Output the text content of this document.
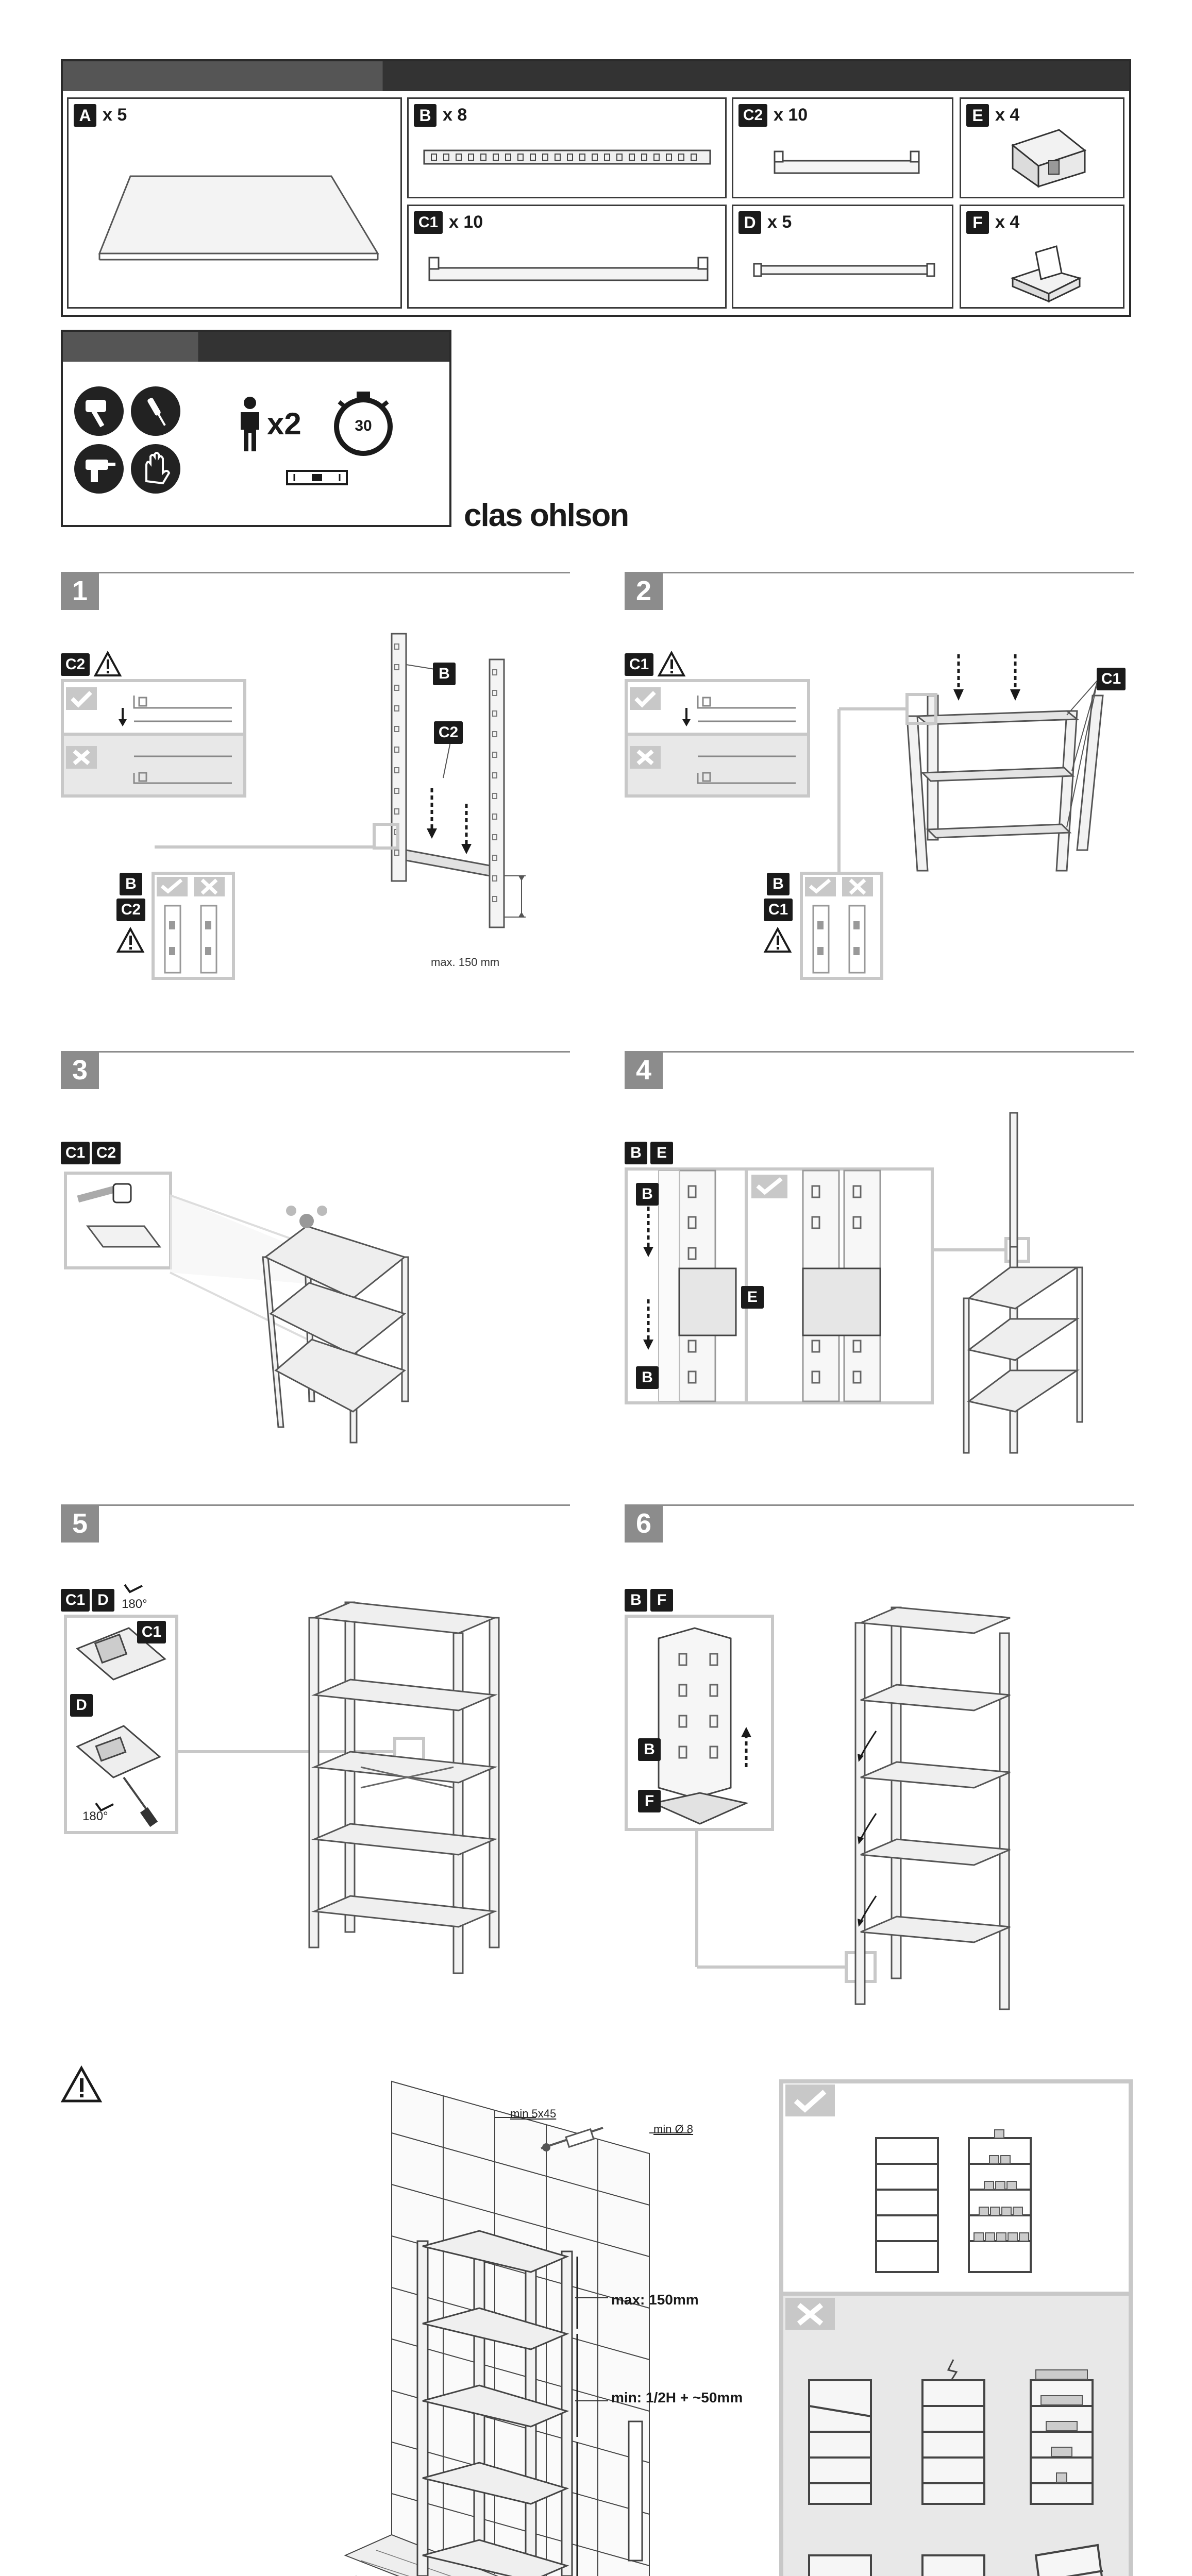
A x 5	B x 8	C2 x 10	E x 4
C1 x 10	D x 5	F x 4
x2	30
clas ohlson
1
C2
B
C2
max. 150 mm
B
C2
2
C1
C1
B
C1
3
C1 C2
4
B E
B
E
B
5
C1 D	180°
C1
D
180°
6
B	F
B
F
min 5x45
min Ø 8
max: 150mm
min: 1/2H + ~50mm
